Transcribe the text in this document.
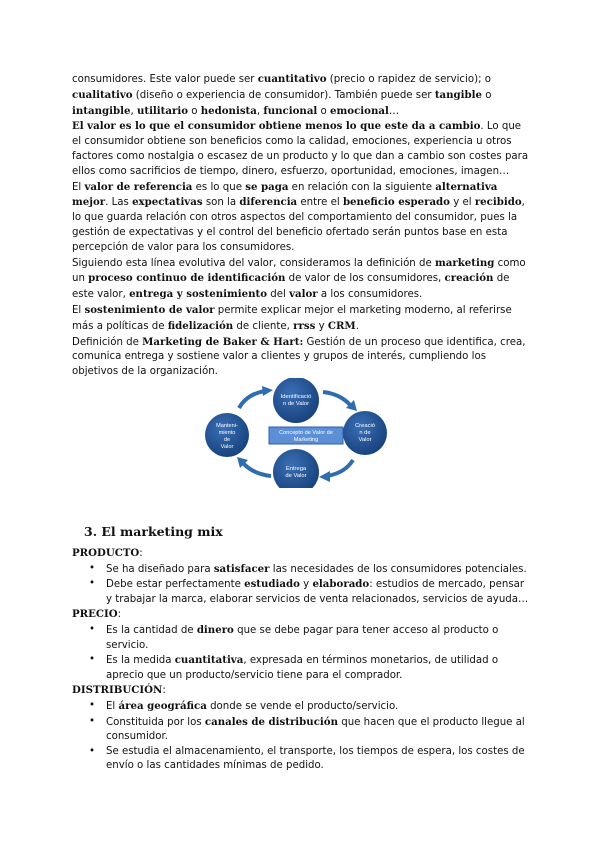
consumidores. Este valor puede ser cuantitativo (precio o rapidez de servicio); o
cualitativo (diseño o experiencia de consumidor). También puede ser tangible o
intangible, utilitario o hedonista, funcional o emocional…

El valor es lo que el consumidor obtiene menos lo que este da a cambio. Lo que el consumidor obtiene son beneficios como la calidad, emociones, experiencia u otros factores como nostalgia o escasez de un producto y lo que dan a cambio son costes para ellos como sacrificios de tiempo, dinero, esfuerzo, oportunidad, emociones, imagen…

El valor de referencia es lo que se paga en relación con la siguiente alternativa mejor. Las expectativas son la diferencia entre el beneficio esperado y el recibido, lo que guarda relación con otros aspectos del comportamiento del consumidor, pues la gestión de expectativas y el control del beneficio ofertado serán puntos base en esta percepción de valor para los consumidores.

Siguiendo esta línea evolutiva del valor, consideramos la definición de marketing como un proceso continuo de identificación de valor de los consumidores, creación de este valor, entrega y sostenimiento del valor a los consumidores.

El sostenimiento de valor permite explicar mejor el marketing moderno, al referirse más a políticas de fidelización de cliente, rrss y CRM.

Definición de Marketing de Baker & Hart: Gestión de un proceso que identifica, crea, comunica entrega y sostiene valor a clientes y grupos de interés, cumpliendo los objetivos de la organización.

Concepto de Valor de
Marketing
Identificació
n de Valor
Creació
n de
Valor
Entrega
de Valor
Manteni-
miento
de
Valor
3. El marketing mix
PRODUCTO:
• Se ha diseñado para satisfacer las necesidades de los consumidores potenciales.
• Debe estar perfectamente estudiado y elaborado: estudios de mercado, pensar y trabajar la marca, elaborar servicios de venta relacionados, servicios de ayuda…
PRECIO:
• Es la cantidad de dinero que se debe pagar para tener acceso al producto o servicio.
• Es la medida cuantitativa, expresada en términos monetarios, de utilidad o aprecio que un producto/servicio tiene para el comprador.
DISTRIBUCIÓN:
• El área geográfica donde se vende el producto/servicio.
• Constituida por los canales de distribución que hacen que el producto llegue al consumidor.
• Se estudia el almacenamiento, el transporte, los tiempos de espera, los costes de envío o las cantidades mínimas de pedido.
